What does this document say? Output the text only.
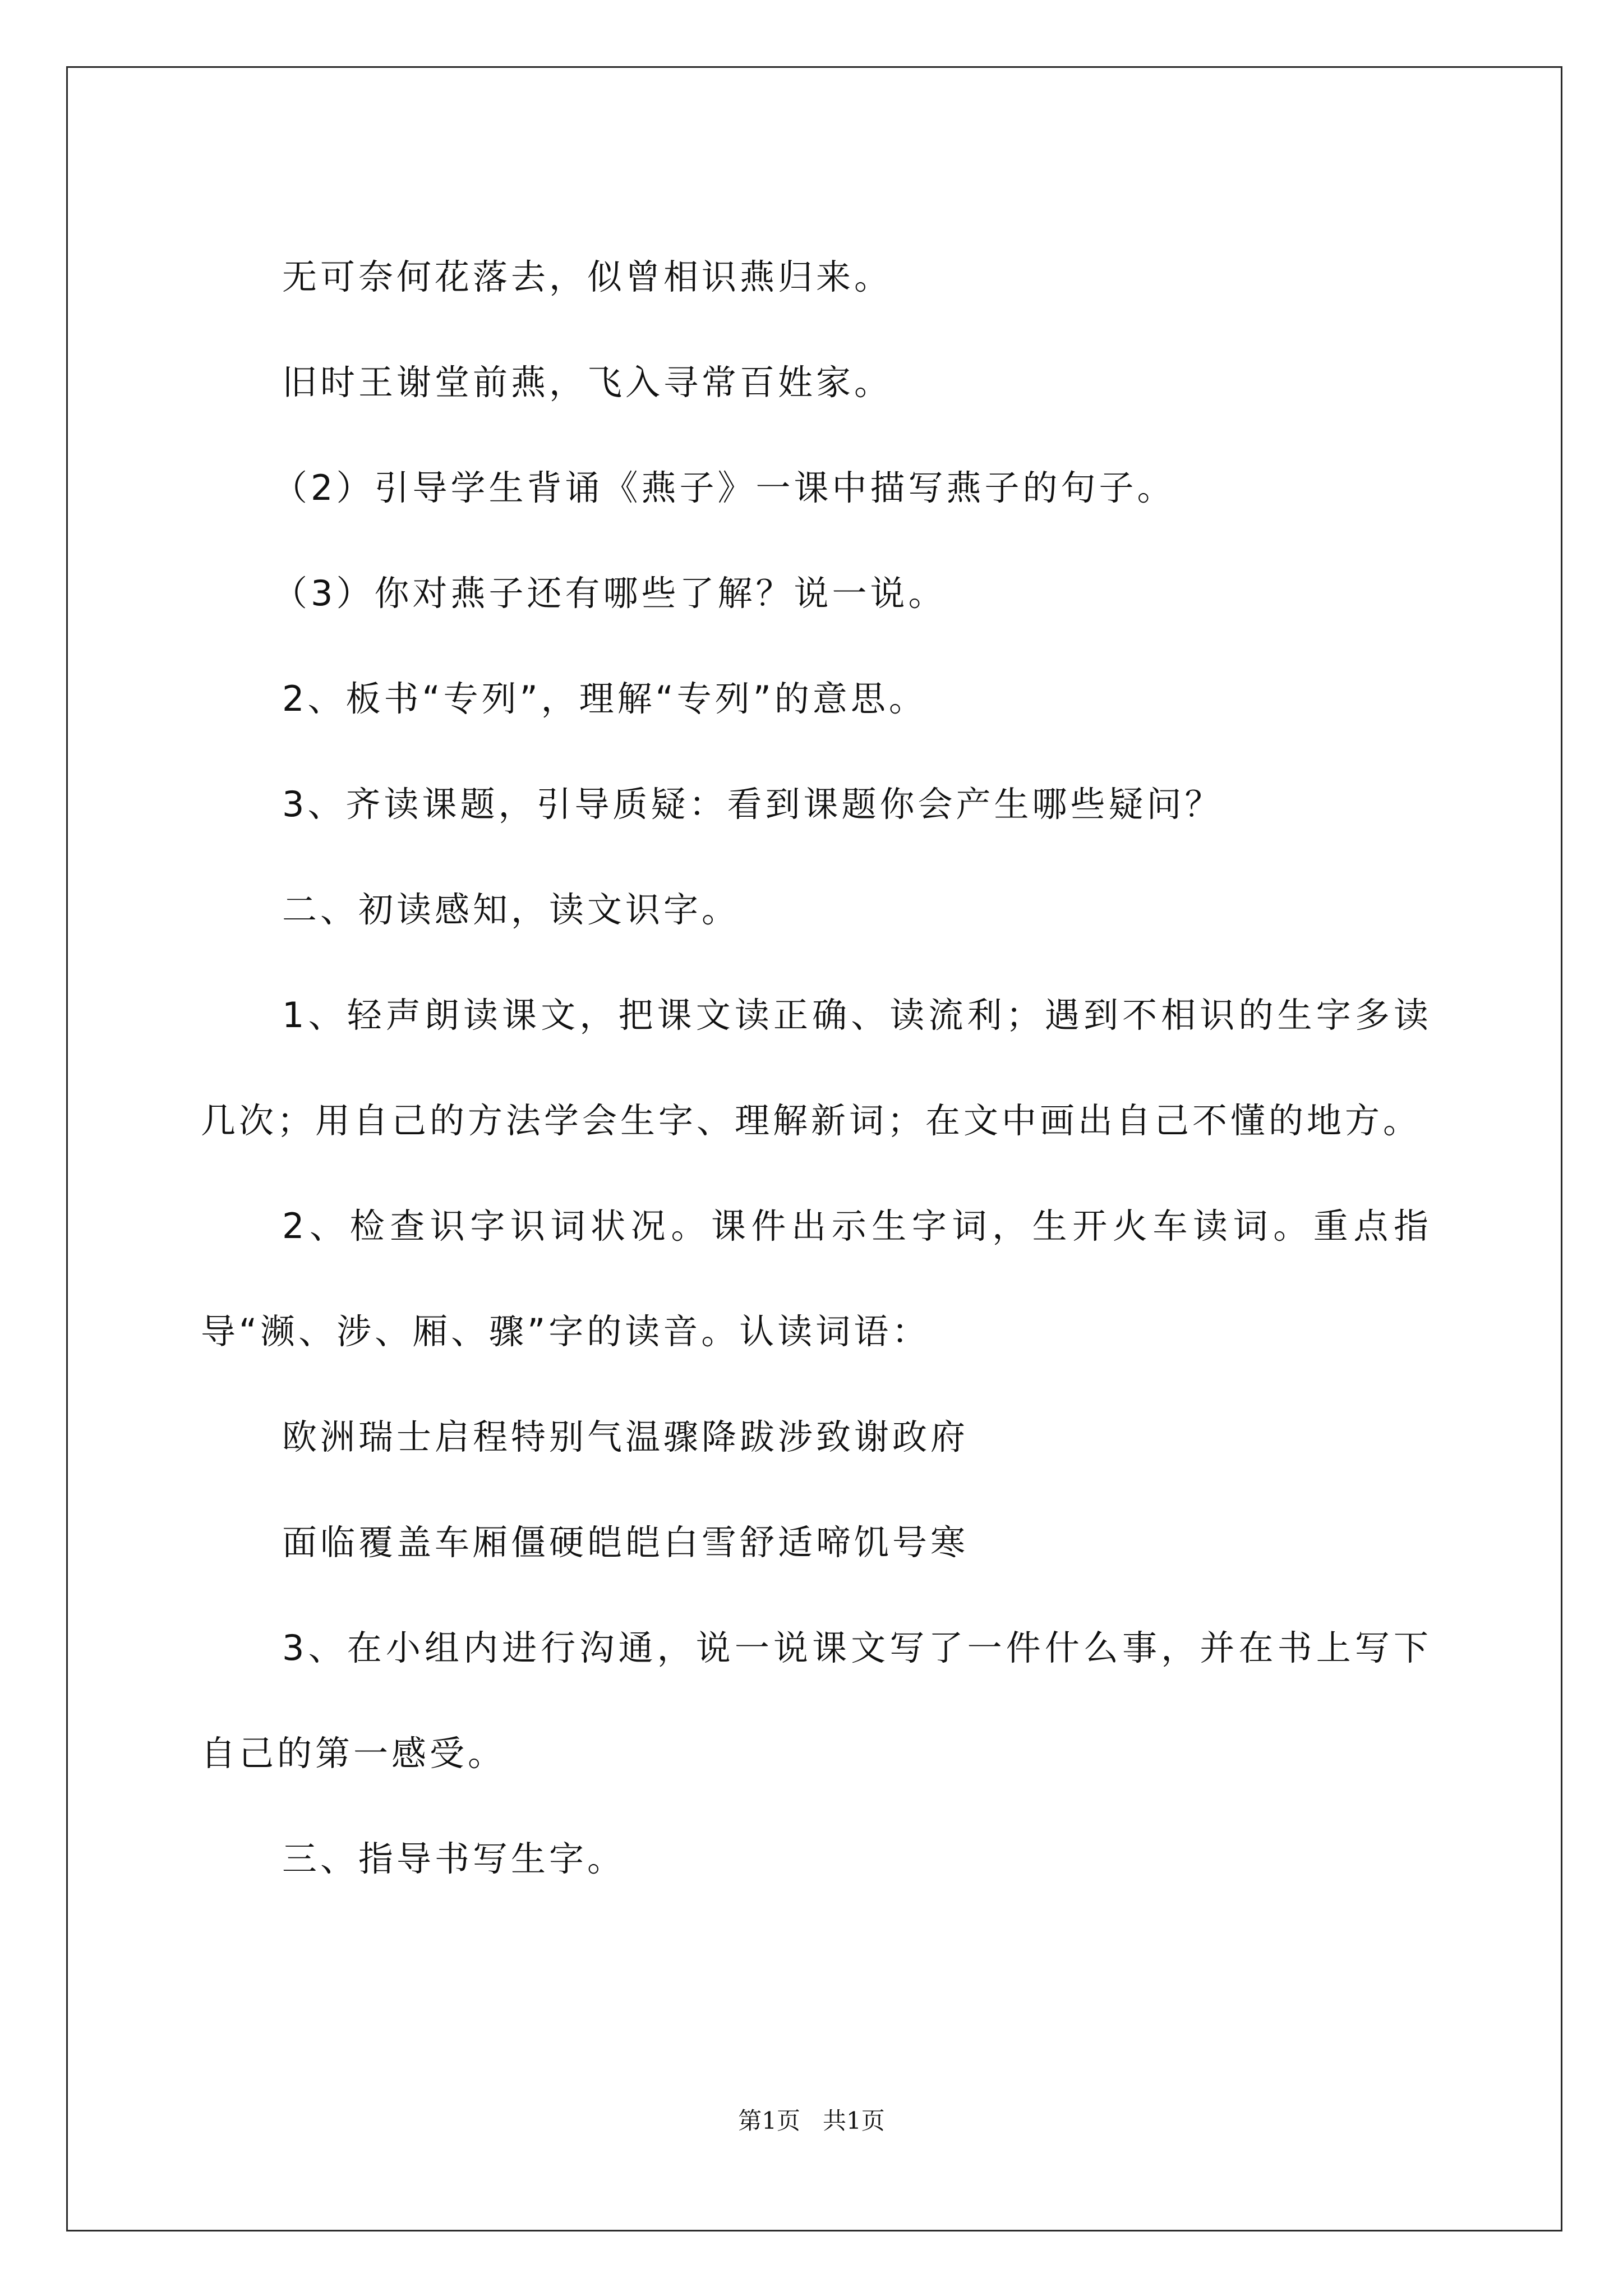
无可奈何花落去，似曾相识燕归来。

旧时王谢堂前燕，飞入寻常百姓家。

（2）引导学生背诵《燕子》一课中描写燕子的句子。

（3）你对燕子还有哪些了解？说一说。

2、板书“专列”，理解“专列”的意思。

3、齐读课题，引导质疑：看到课题你会产生哪些疑问？

二、初读感知，读文识字。

1、轻声朗读课文，把课文读正确、读流利；遇到不相识的生字多读几次；用自己的方法学会生字、理解新词；在文中画出自己不懂的地方。

2、检查识字识词状况。课件出示生字词，生开火车读词。重点指导“濒、涉、厢、骤”字的读音。认读词语：

欧洲瑞士启程特别气温骤降跋涉致谢政府

面临覆盖车厢僵硬皑皑白雪舒适啼饥号寒

3、在小组内进行沟通，说一说课文写了一件什么事，并在书上写下自己的第一感受。

三、指导书写生字。

第1页   共1页
